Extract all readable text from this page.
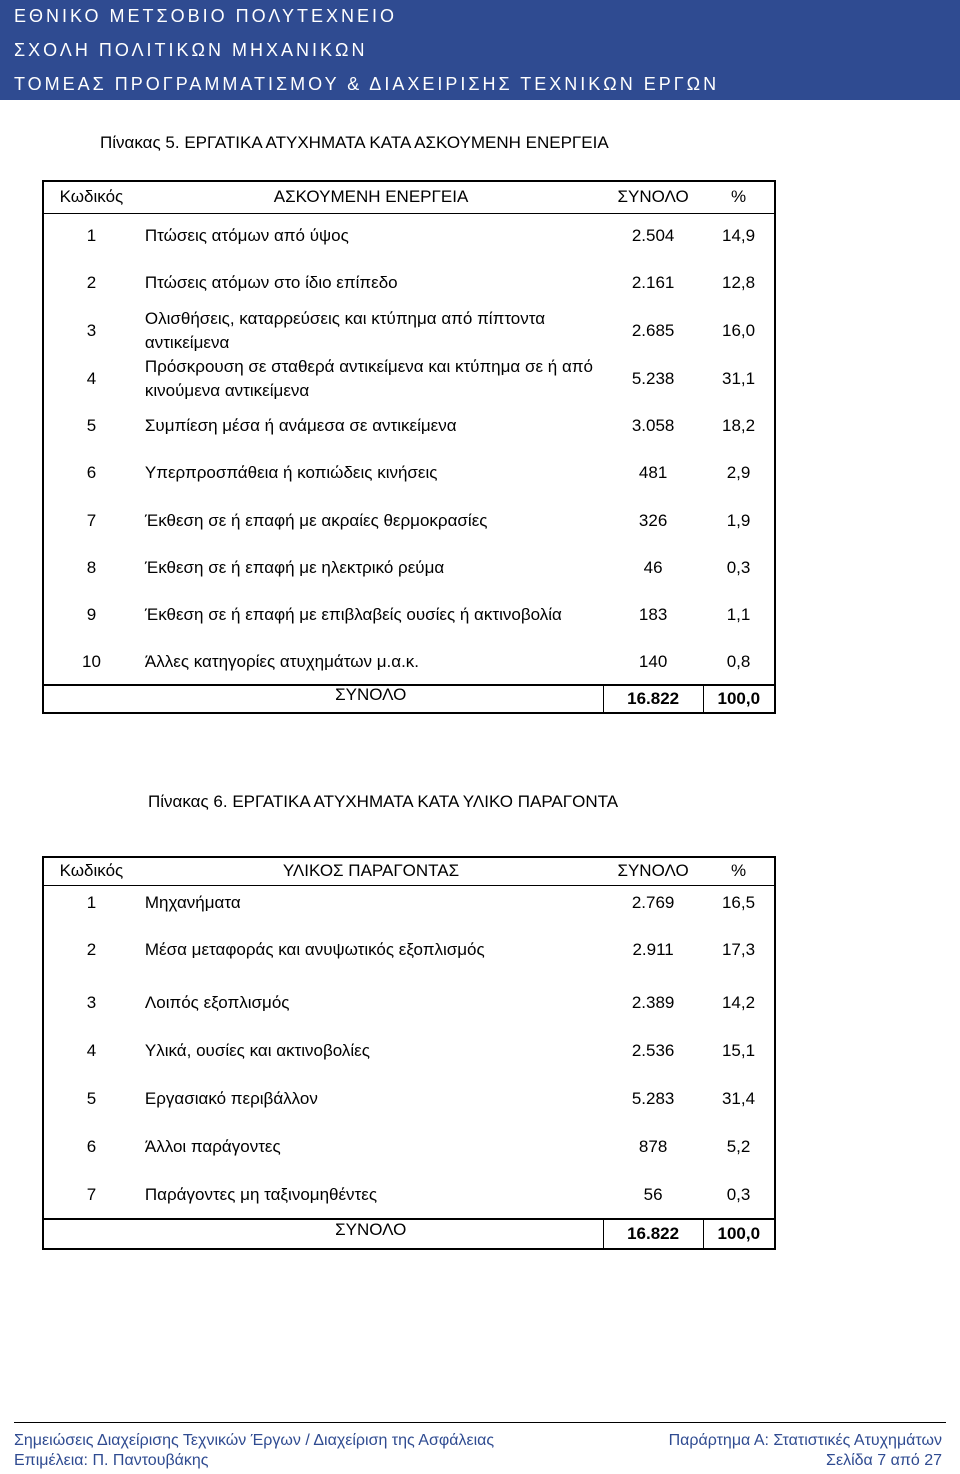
ΕΘΝΙΚΟ ΜΕΤΣΟΒΙΟ ΠΟΛΥΤΕΧΝΕΙΟ
ΣΧΟΛΗ ΠΟΛΙΤΙΚΩΝ ΜΗΧΑΝΙΚΩΝ
ΤΟΜΕΑΣ ΠΡΟΓΡΑΜΜΑΤΙΣΜΟΥ & ΔΙΑΧΕΙΡΙΣΗΣ ΤΕΧΝΙΚΩΝ ΕΡΓΩΝ
Πίνακας 5. ΕΡΓΑΤΙΚΑ ΑΤΥΧΗΜΑΤΑ ΚΑΤΑ ΑΣΚΟΥΜΕΝΗ ΕΝΕΡΓΕΙΑ
Κωδικός	ΑΣΚΟΥΜΕΝΗ ΕΝΕΡΓΕΙΑ	ΣΥΝΟΛΟ	%
1	Πτώσεις ατόμων από ύψος	2.504	14,9
2	Πτώσεις ατόμων στο ίδιο επίπεδο	2.161	12,8
3	Ολισθήσεις, καταρρεύσεις και κτύπημα από πίπτοντα αντικείμενα	2.685	16,0
4	Πρόσκρουση σε σταθερά αντικείμενα και κτύπημα σε ή από κινούμενα αντικείμενα	5.238	31,1
5	Συμπίεση μέσα ή ανάμεσα σε αντικείμενα	3.058	18,2
6	Υπερπροσπάθεια ή κοπιώδεις κινήσεις	481	2,9
7	Έκθεση σε ή επαφή με ακραίες θερμοκρασίες	326	1,9
8	Έκθεση σε ή επαφή με ηλεκτρικό ρεύμα	46	0,3
9	Έκθεση σε ή επαφή με επιβλαβείς ουσίες ή ακτινοβολία	183	1,1
10	Άλλες κατηγορίες ατυχημάτων μ.α.κ.	140	0,8
	ΣΥΝΟΛΟ	16.822	100,0
Πίνακας 6. ΕΡΓΑΤΙΚΑ ΑΤΥΧΗΜΑΤΑ ΚΑΤΑ ΥΛΙΚΟ ΠΑΡΑΓΟΝΤΑ
Κωδικός	ΥΛΙΚΟΣ ΠΑΡΑΓΟΝΤΑΣ	ΣΥΝΟΛΟ	%
1	Μηχανήματα	2.769	16,5
2	Μέσα μεταφοράς και ανυψωτικός εξοπλισμός	2.911	17,3
3	Λοιπός εξοπλισμός	2.389	14,2
4	Υλικά, ουσίες και ακτινοβολίες	2.536	15,1
5	Εργασιακό περιβάλλον	5.283	31,4
6	Άλλοι παράγοντες	878	5,2
7	Παράγοντες μη ταξινομηθέντες	56	0,3
	ΣΥΝΟΛΟ	16.822	100,0
Σημειώσεις Διαχείρισης Τεχνικών Έργων / Διαχείριση της Ασφάλειας
Επιμέλεια: Π. Παντουβάκης
Παράρτημα Α: Στατιστικές Ατυχημάτων
Σελίδα 7 από 27
